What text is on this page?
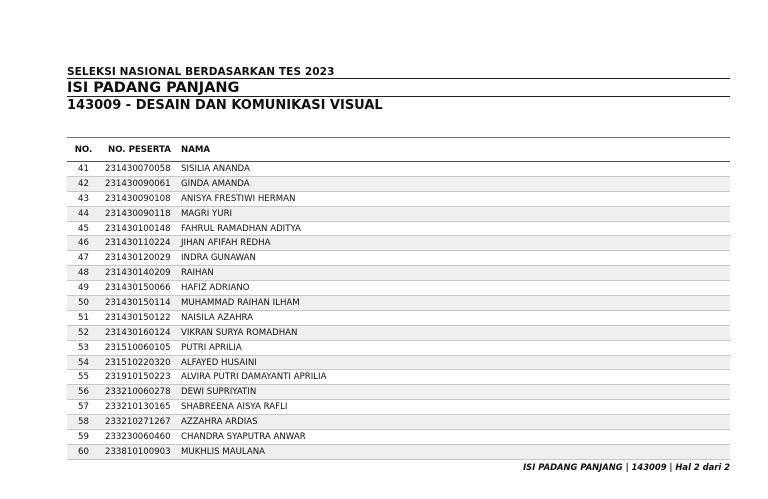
SELEKSI NASIONAL BERDASARKAN TES 2023
ISI PADANG PANJANG
143009 - DESAIN DAN KOMUNIKASI VISUAL
NO.	NO. PESERTA	NAMA
41	231430070058	SISILIA ANANDA
42	231430090061	GINDA AMANDA
43	231430090108	ANISYA FRESTIWI HERMAN
44	231430090118	MAGRI YURI
45	231430100148	FAHRUL RAMADHAN ADITYA
46	231430110224	JIHAN AFIFAH REDHA
47	231430120029	INDRA GUNAWAN
48	231430140209	RAIHAN
49	231430150066	HAFIZ ADRIANO
50	231430150114	MUHAMMAD RAIHAN ILHAM
51	231430150122	NAISILA AZAHRA
52	231430160124	VIKRAN SURYA ROMADHAN
53	231510060105	PUTRI APRILIA
54	231510220320	ALFAYED HUSAINI
55	231910150223	ALVIRA PUTRI DAMAYANTI APRILIA
56	233210060278	DEWI SUPRIYATIN
57	233210130165	SHABREENA AISYA RAFLI
58	233210271267	AZZAHRA ARDIAS
59	233230060460	CHANDRA SYAPUTRA ANWAR
60	233810100903	MUKHLIS MAULANA
ISI PADANG PANJANG | 143009 | Hal 2 dari 2
